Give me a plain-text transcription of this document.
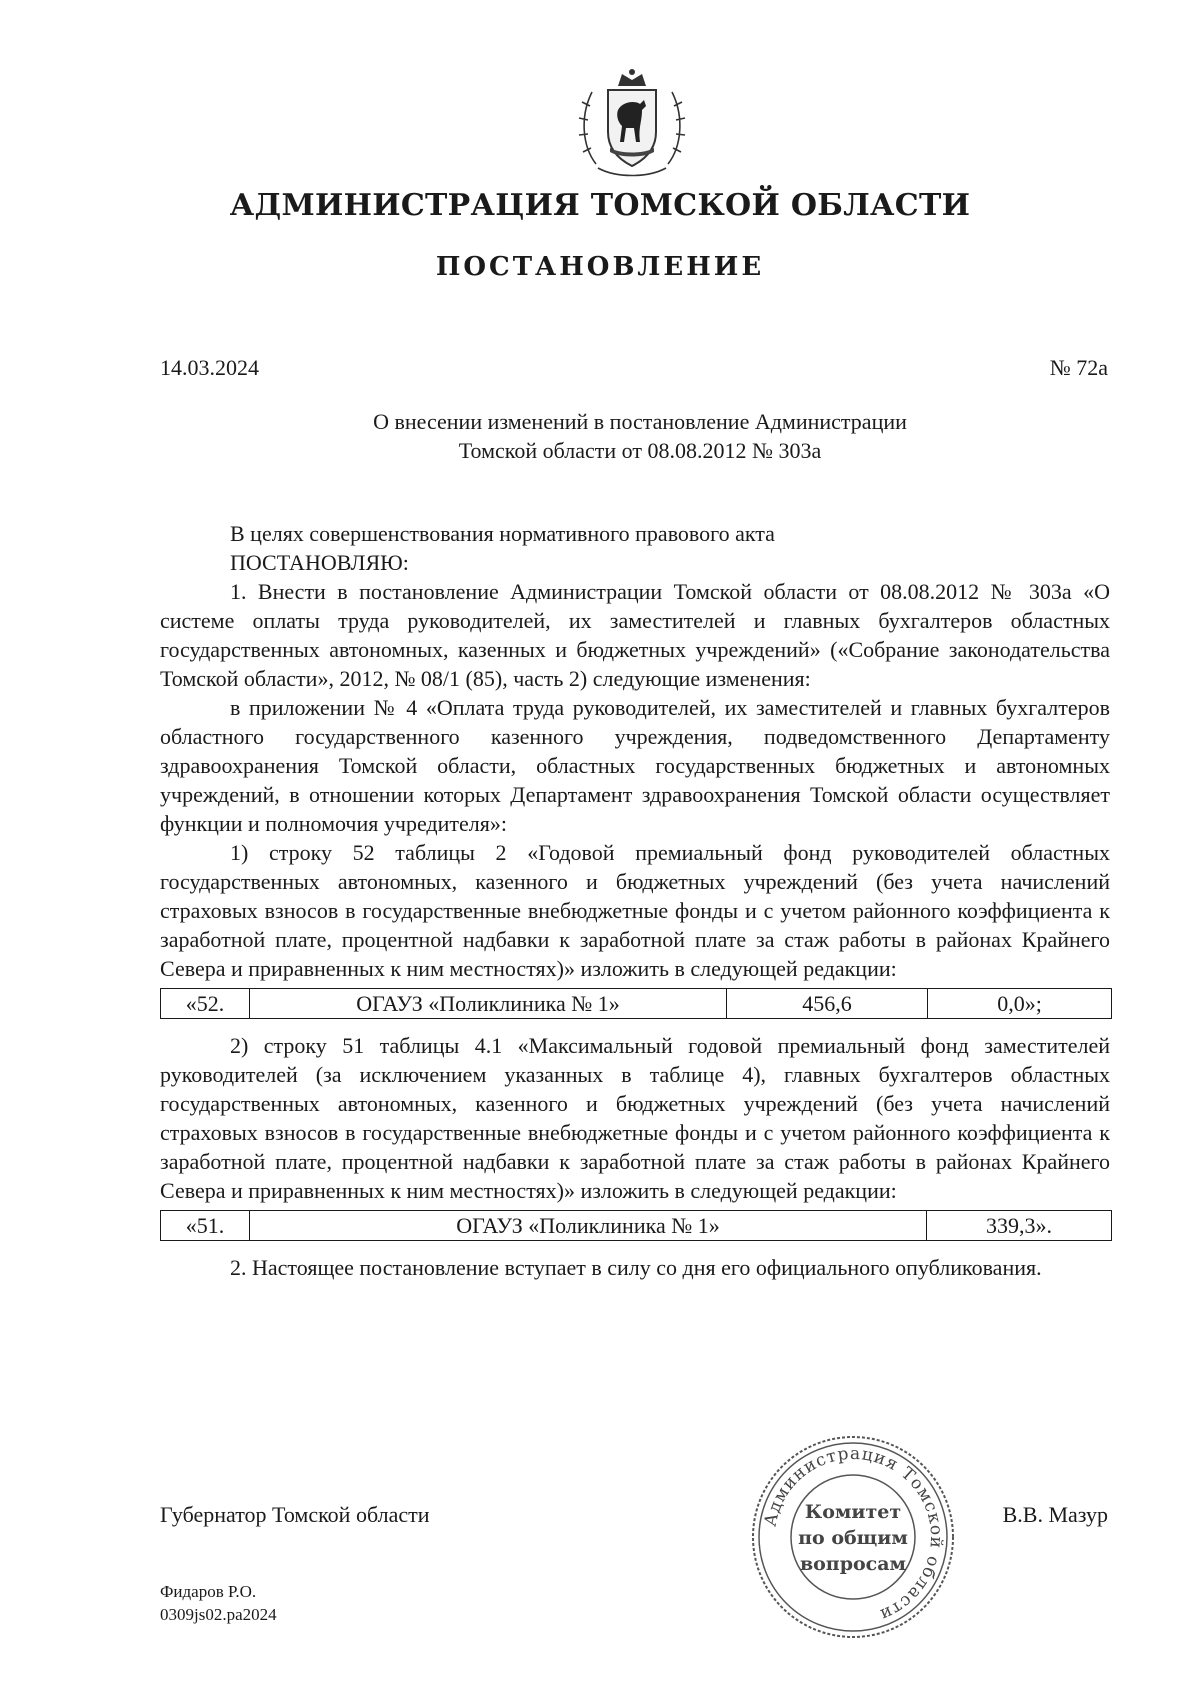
АДМИНИСТРАЦИЯ ТОМСКОЙ ОБЛАСТИ
ПОСТАНОВЛЕНИЕ
14.03.2024	№ 72а
О внесении изменений в постановление Администрации
Томской области от 08.08.2012 № 303а

В целях совершенствования нормативного правового акта

ПОСТАНОВЛЯЮ:

1. Внести в постановление Администрации Томской области от 08.08.2012 № 303а «О системе оплаты труда руководителей, их заместителей и главных бухгалтеров областных государственных автономных, казенных и бюджетных учреждений» («Собрание законодательства Томской области», 2012, № 08/1 (85), часть 2) следующие изменения:

в приложении № 4 «Оплата труда руководителей, их заместителей и главных бухгалтеров областного государственного казенного учреждения, подведомственного Департаменту здравоохранения Томской области, областных государственных бюджетных и автономных учреждений, в отношении которых Департамент здравоохранения Томской области осуществляет функции и полномочия учредителя»:

1) строку 52 таблицы 2 «Годовой премиальный фонд руководителей областных государственных автономных, казенного и бюджетных учреждений (без учета начислений страховых взносов в государственные внебюджетные фонды и с учетом районного коэффициента к заработной плате, процентной надбавки к заработной плате за стаж работы в районах Крайнего Севера и приравненных к ним местностях)» изложить в следующей редакции:

«52.	ОГАУЗ «Поликлиника № 1»	456,6	0,0»;

2) строку 51 таблицы 4.1 «Максимальный годовой премиальный фонд заместителей руководителей (за исключением указанных в таблице 4), главных бухгалтеров областных государственных автономных, казенного и бюджетных учреждений (без учета начислений страховых взносов в государственные внебюджетные фонды и с учетом районного коэффициента к заработной плате, процентной надбавки к заработной плате за стаж работы в районах Крайнего Севера и приравненных к ним местностях)» изложить в следующей редакции:

«51.	ОГАУЗ «Поликлиника № 1»	339,3».

2. Настоящее постановление вступает в силу со дня его официального опубликования.

Губернатор Томской области	В.В. Мазур
Администрация Томской области
Комитет
по общим
вопросам
Фидаров Р.О.
0309js02.pa2024
